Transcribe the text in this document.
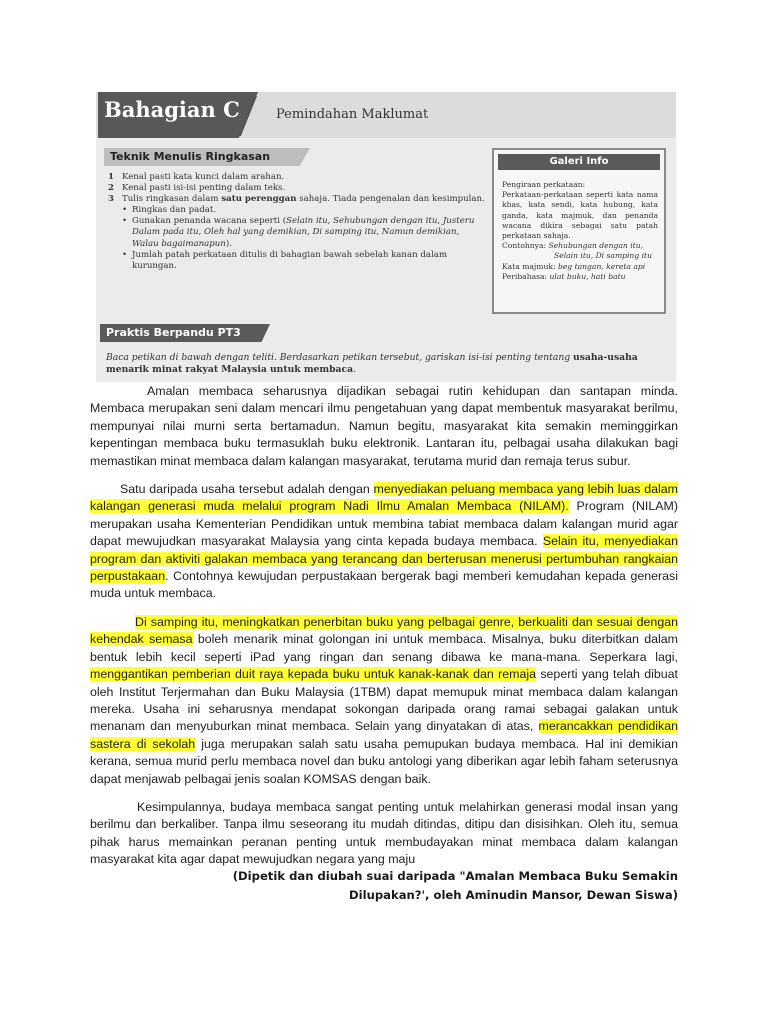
Bahagian C	Pemindahan Maklumat
Teknik Menulis Ringkasan
1 Kenal pasti kata kunci dalam arahan.
2 Kenal pasti isi-isi penting dalam teks.
3 Tulis ringkasan dalam satu perenggan sahaja. Tiada pengenalan dan kesimpulan.
• Ringkas dan padat.
• Gunakan penanda wacana seperti (Selain itu, Sehubungan dengan itu, Justeru Dalam pada itu, Oleh hal yang demikian, Di samping itu, Namun demikian, Walau bagaimanapun).
• Jumlah patah perkataan ditulis di bahagian bawah sebelah kanan dalam kurungan.
Galeri Info

Pengiraan perkataan:

Perkataan-perkataan seperti kata nama khas, kata sendi, kata hubung, kata ganda, kata majmuk, dan penanda wacana dikira sebagai satu patah perkataan sahaja.

Contohnya: Sehubungan dengan itu,
Selain itu, Di samping itu

Kata majmuk: beg tangan, kereta api

Peribahasa: ulat buku, hati batu

Praktis Berpandu PT3
Baca petikan di bawah dengan teliti. Berdasarkan petikan tersebut, gariskan isi-isi penting tentang usaha-usaha menarik minat rakyat Malaysia untuk membaca.

Amalan membaca seharusnya dijadikan sebagai rutin kehidupan dan santapan minda. Membaca merupakan seni dalam mencari ilmu pengetahuan yang dapat membentuk masyarakat berilmu, mempunyai nilai murni serta bertamadun. Namun begitu, masyarakat kita semakin meminggirkan kepentingan membaca buku termasuklah buku elektronik. Lantaran itu, pelbagai usaha dilakukan bagi memastikan minat membaca dalam kalangan masyarakat, terutama murid dan remaja terus subur.

Satu daripada usaha tersebut adalah dengan menyediakan peluang membaca yang lebih luas dalam kalangan generasi muda melalui program Nadi Ilmu Amalan Membaca (NILAM). Program (NILAM) merupakan usaha Kementerian Pendidikan untuk membina tabiat membaca dalam kalangan murid agar dapat mewujudkan masyarakat Malaysia yang cinta kepada budaya membaca. Selain itu, menyediakan program dan aktiviti galakan membaca yang terancang dan berterusan menerusi pertumbuhan rangkaian perpustakaan. Contohnya kewujudan perpustakaan bergerak bagi memberi kemudahan kepada generasi muda untuk membaca.

Di samping itu, meningkatkan penerbitan buku yang pelbagai genre, berkualiti dan sesuai dengan kehendak semasa boleh menarik minat golongan ini untuk membaca. Misalnya, buku diterbitkan dalam bentuk lebih kecil seperti iPad yang ringan dan senang dibawa ke mana-mana. Seperkara lagi, menggantikan pemberian duit raya kepada buku untuk kanak-kanak dan remaja seperti yang telah dibuat oleh Institut Terjermahan dan Buku Malaysia (1TBM) dapat memupuk minat membaca dalam kalangan mereka. Usaha ini seharusnya mendapat sokongan daripada orang ramai sebagai galakan untuk menanam dan menyuburkan minat membaca. Selain yang dinyatakan di atas, merancakkan pendidikan sastera di sekolah juga merupakan salah satu usaha pemupukan budaya membaca. Hal ini demikian kerana, semua murid perlu membaca novel dan buku antologi yang diberikan agar lebih faham seterusnya dapat menjawab pelbagai jenis soalan KOMSAS dengan baik.

Kesimpulannya, budaya membaca sangat penting untuk melahirkan generasi modal insan yang berilmu dan berkaliber. Tanpa ilmu seseorang itu mudah ditindas, ditipu dan disisihkan. Oleh itu, semua pihak harus memainkan peranan penting untuk membudayakan minat membaca dalam kalangan masyarakat kita agar dapat mewujudkan negara yang maju

(Dipetik dan diubah suai daripada "Amalan Membaca Buku Semakin
Dilupakan?', oleh Aminudin Mansor, Dewan Siswa)
